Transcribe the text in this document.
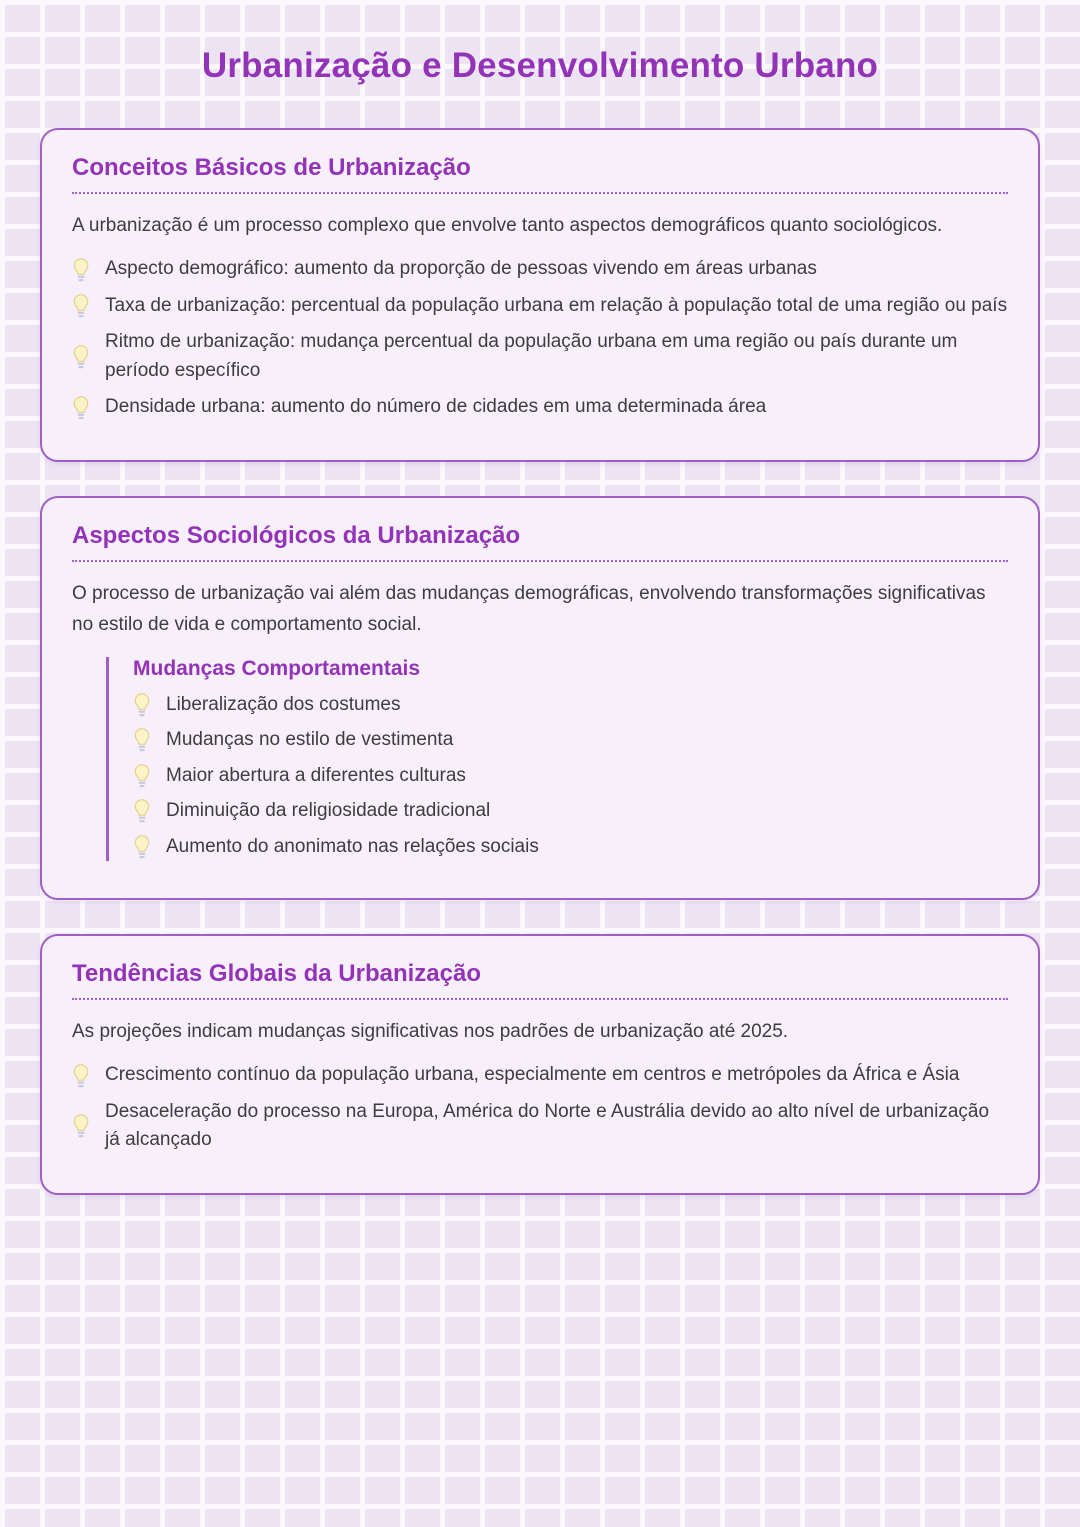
Urbanização e Desenvolvimento Urbano
Conceitos Básicos de Urbanização

A urbanização é um processo complexo que envolve tanto aspectos demográficos quanto sociológicos.

Aspecto demográfico: aumento da proporção de pessoas vivendo em áreas urbanas
Taxa de urbanização: percentual da população urbana em relação à população total de uma região ou país
Ritmo de urbanização: mudança percentual da população urbana em uma região ou país durante um período específico
Densidade urbana: aumento do número de cidades em uma determinada área
Aspectos Sociológicos da Urbanização

O processo de urbanização vai além das mudanças demográficas, envolvendo transformações significativas no estilo de vida e comportamento social.

Mudanças Comportamentais
Liberalização dos costumes
Mudanças no estilo de vestimenta
Maior abertura a diferentes culturas
Diminuição da religiosidade tradicional
Aumento do anonimato nas relações sociais
Tendências Globais da Urbanização

As projeções indicam mudanças significativas nos padrões de urbanização até 2025.

Crescimento contínuo da população urbana, especialmente em centros e metrópoles da África e Ásia
Desaceleração do processo na Europa, América do Norte e Austrália devido ao alto nível de urbanização já alcançado
